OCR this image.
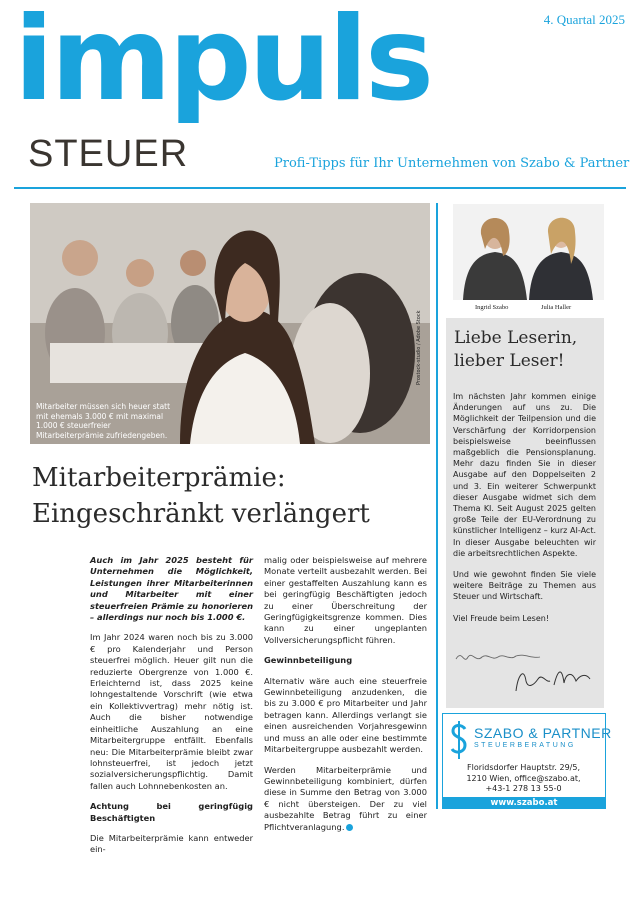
impuls
STEUER
4. Quartal 2025
Profi-Tipps für Ihr Unternehmen von Szabo & Partner
Mitarbeiter müssen sich heuer statt mit ehemals 3.000 € mit maximal 1.000 € steuerfreier Mitarbeiterprämie zufriedengeben.
Prostock-studio / Adobe Stock
Mitarbeiterprämie:
Eingeschränkt verlängert

Auch im Jahr 2025 besteht für Unternehmen die Möglichkeit, Leistungen ihrer Mitarbeiterinnen und Mitarbeiter mit einer steuerfreien Prämie zu honorieren – allerdings nur noch bis 1.000 €.

Im Jahr 2024 waren noch bis zu 3.000 € pro Kalenderjahr und Person steuerfrei möglich. Heuer gilt nun die reduzierte Obergrenze von 1.000 €. Erleichternd ist, dass 2025 keine lohngestaltende Vorschrift (wie etwa ein Kollektivvertrag) mehr nötig ist. Auch die bisher notwendige einheitliche Auszahlung an eine Mitarbeitergruppe entfällt. Ebenfalls neu: Die Mitarbeiterprämie bleibt zwar lohnsteuerfrei, ist jedoch jetzt sozialversicherungspflichtig. Damit fallen auch Lohnnebenkosten an.

Achtung bei geringfügig Beschäftigten

Die Mitarbeiterprämie kann entweder ein-

malig oder beispielsweise auf mehrere Monate verteilt ausbezahlt werden. Bei einer gestaffelten Auszahlung kann es bei geringfügig Beschäftigten jedoch zu einer Überschreitung der Geringfügigkeitsgrenze kommen. Dies kann zu einer ungeplanten Vollversicherungspflicht führen.

Gewinnbeteiligung

Alternativ wäre auch eine steuerfreie Gewinnbeteiligung anzudenken, die bis zu 3.000 € pro Mitarbeiter und Jahr betragen kann. Allerdings verlangt sie einen ausreichenden Vorjahresgewinn und muss an alle oder eine bestimmte Mitarbeitergruppe ausbezahlt werden.

Werden Mitarbeiterprämie und Gewinnbeteiligung kombiniert, dürfen diese in Summe den Betrag von 3.000 € nicht übersteigen. Der zu viel ausbezahlte Betrag führt zu einer Pflichtveranlagung.

Ingrid Szabo	Julia Haller
Liebe Leserin, lieber Leser!

Im nächsten Jahr kommen einige Änderungen auf uns zu. Die Möglichkeit der Teilpension und die Verschärfung der Korridorpension beispielsweise beeinflussen maßgeblich die Pensionsplanung. Mehr dazu finden Sie in dieser Ausgabe auf den Doppelseiten 2 und 3. Ein weiterer Schwerpunkt dieser Ausgabe widmet sich dem Thema KI. Seit August 2025 gelten große Teile der EU-Verordnung zu künstlicher Intelligenz – kurz AI-Act. In dieser Ausgabe beleuchten wir die arbeitsrechtlichen Aspekte.

Und wie gewohnt finden Sie viele weitere Beiträge zu Themen aus Steuer und Wirtschaft.

Viel Freude beim Lesen!

SZABO & PARTNER
STEUERBERATUNG
Floridsdorfer Hauptstr. 29/5,
1210 Wien, office@szabo.at,
+43-1 278 13 55-0
www.szabo.at
